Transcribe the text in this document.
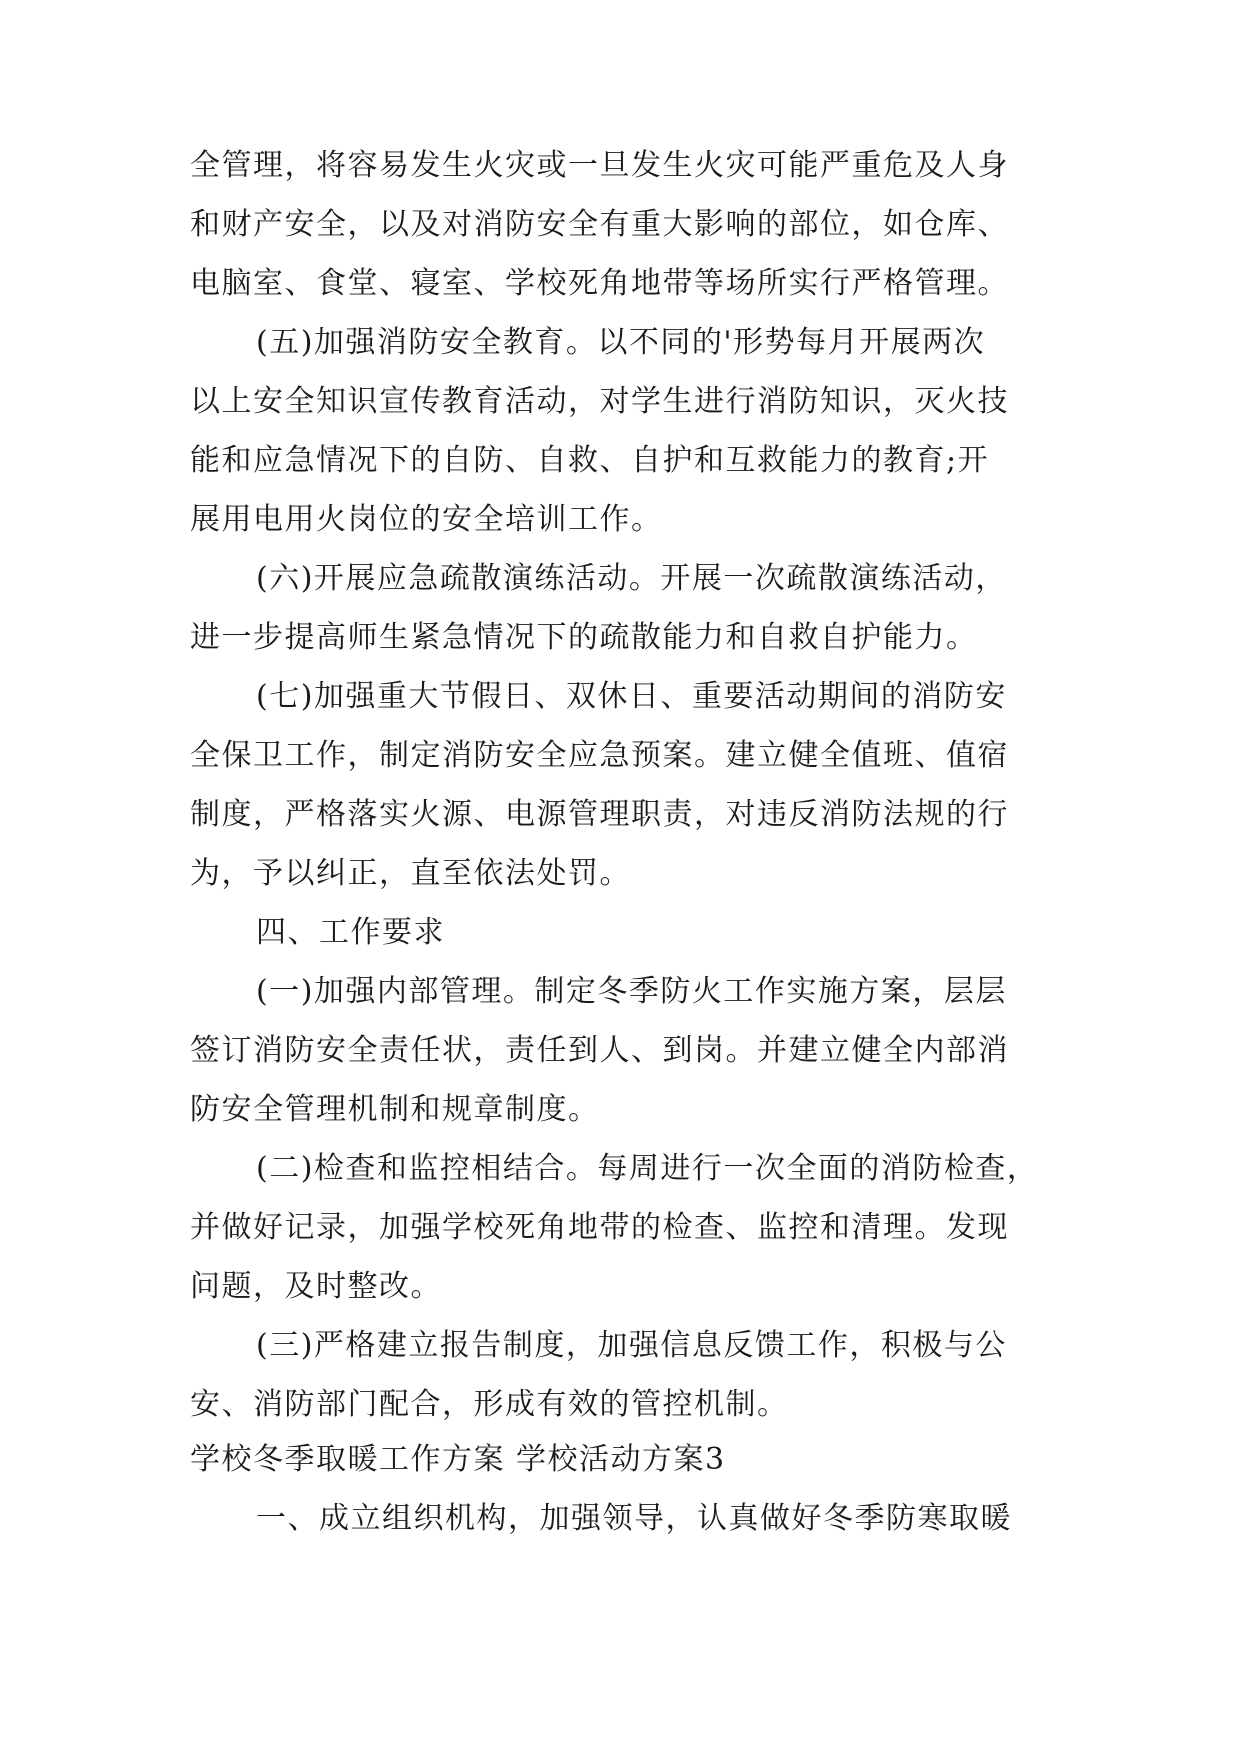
全管理，将容易发生火灾或一旦发生火灾可能严重危及人身
和财产安全，以及对消防安全有重大影响的部位，如仓库、
电脑室、食堂、寝室、学校死角地带等场所实行严格管理。
(五)加强消防安全教育。以不同的'形势每月开展两次
以上安全知识宣传教育活动，对学生进行消防知识，灭火技
能和应急情况下的自防、自救、自护和互救能力的教育;开
展用电用火岗位的安全培训工作。
(六)开展应急疏散演练活动。开展一次疏散演练活动，
进一步提高师生紧急情况下的疏散能力和自救自护能力。
(七)加强重大节假日、双休日、重要活动期间的消防安
全保卫工作，制定消防安全应急预案。建立健全值班、值宿
制度，严格落实火源、电源管理职责，对违反消防法规的行
为，予以纠正，直至依法处罚。
四、工作要求
(一)加强内部管理。制定冬季防火工作实施方案，层层
签订消防安全责任状，责任到人、到岗。并建立健全内部消
防安全管理机制和规章制度。
(二)检查和监控相结合。每周进行一次全面的消防检查，
并做好记录，加强学校死角地带的检查、监控和清理。发现
问题，及时整改。
(三)严格建立报告制度，加强信息反馈工作，积极与公
安、消防部门配合，形成有效的管控机制。
学校冬季取暖工作方案 学校活动方案3
一、成立组织机构，加强领导，认真做好冬季防寒取暖
